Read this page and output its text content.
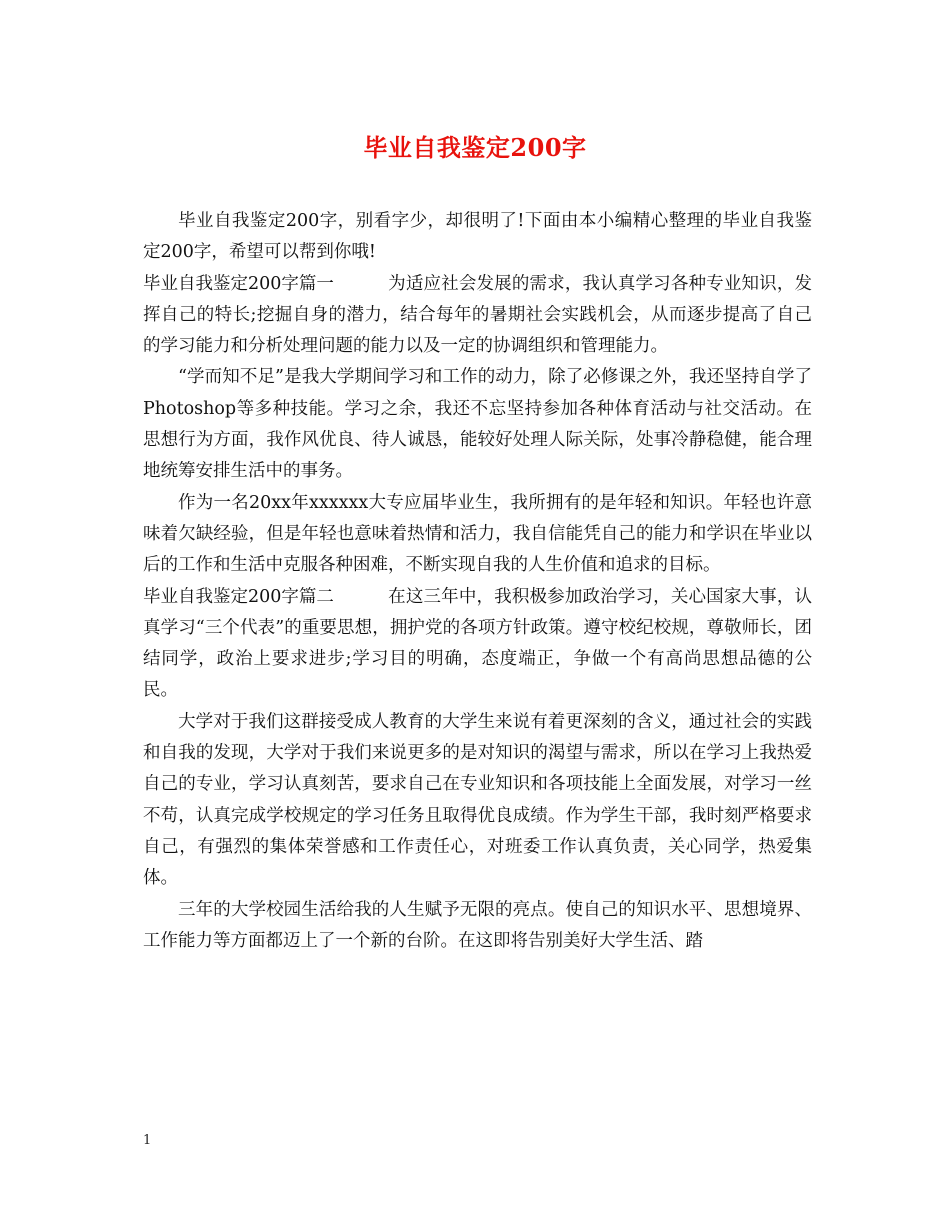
毕业自我鉴定200字

毕业自我鉴定200字，别看字少，却很明了!下面由本小编精心整理的毕业自我鉴定200字，希望可以帮到你哦!

毕业自我鉴定200字篇一	为适应社会发展的需求，我认真学习各种专业知识，发挥自己的特长;挖掘自身的潜力，结合每年的暑期社会实践机会，从而逐步提高了自己的学习能力和分析处理问题的能力以及一定的协调组织和管理能力。

“学而知不足”是我大学期间学习和工作的动力，除了必修课之外，我还坚持自学了Photoshop等多种技能。学习之余，我还不忘坚持参加各种体育活动与社交活动。在思想行为方面，我作风优良、待人诚恳，能较好处理人际关际，处事冷静稳健，能合理地统筹安排生活中的事务。

作为一名20xx年xxxxxx大专应届毕业生，我所拥有的是年轻和知识。年轻也许意味着欠缺经验，但是年轻也意味着热情和活力，我自信能凭自己的能力和学识在毕业以后的工作和生活中克服各种困难，不断实现自我的人生价值和追求的目标。

毕业自我鉴定200字篇二	在这三年中，我积极参加政治学习，关心国家大事，认真学习“三个代表”的重要思想，拥护党的各项方针政策。遵守校纪校规，尊敬师长，团结同学，政治上要求进步;学习目的明确，态度端正，争做一个有高尚思想品德的公民。

大学对于我们这群接受成人教育的大学生来说有着更深刻的含义，通过社会的实践和自我的发现，大学对于我们来说更多的是对知识的渴望与需求，所以在学习上我热爱自己的专业，学习认真刻苦，要求自己在专业知识和各项技能上全面发展，对学习一丝不苟，认真完成学校规定的学习任务且取得优良成绩。作为学生干部，我时刻严格要求自己，有强烈的集体荣誉感和工作责任心，对班委工作认真负责，关心同学，热爱集体。

三年的大学校园生活给我的人生赋予无限的亮点。使自己的知识水平、思想境界、工作能力等方面都迈上了一个新的台阶。在这即将告别美好大学生活、踏

1
